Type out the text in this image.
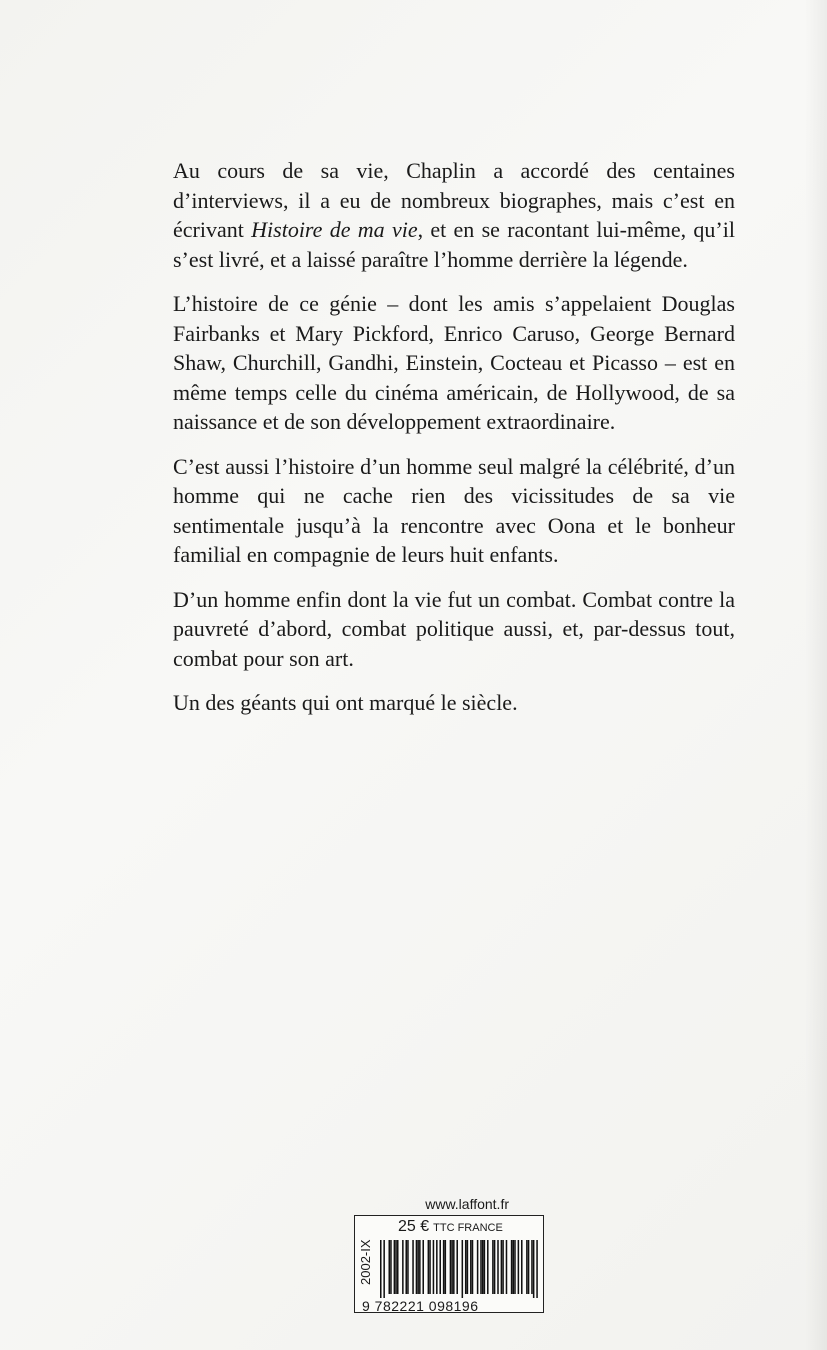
Au cours de sa vie, Chaplin a accordé des centaines d’interviews, il a eu de nombreux biographes, mais c’est en écrivant Histoire de ma vie, et en se racontant lui-même, qu’il s’est livré, et a laissé paraître l’homme derrière la légende.

L’histoire de ce génie – dont les amis s’appelaient Douglas Fairbanks et Mary Pickford, Enrico Caruso, George Bernard Shaw, Churchill, Gandhi, Einstein, Cocteau et Picasso – est en même temps celle du cinéma américain, de Hollywood, de sa naissance et de son développement extraordinaire.

C’est aussi l’histoire d’un homme seul malgré la célébrité, d’un homme qui ne cache rien des vicissitudes de sa vie sentimentale jusqu’à la rencontre avec Oona et le bonheur familial en compagnie de leurs huit enfants.

D’un homme enfin dont la vie fut un combat. Combat contre la pauvreté d’abord, combat politique aussi, et, par-dessus tout, combat pour son art.

Un des géants qui ont marqué le siècle.

www.laffont.fr
2002-IX
25 € TTC FRANCE
9 782221 098196
